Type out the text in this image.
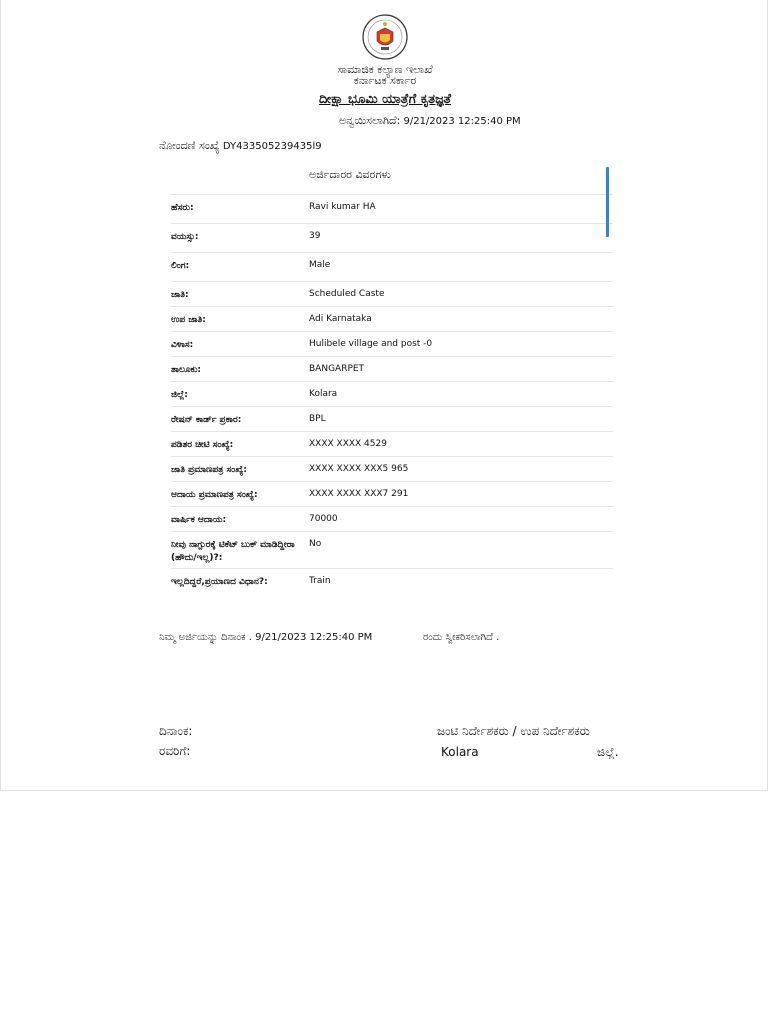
ಸಾಮಾಜಿಕ ಕಲ್ಯಾಣ ಇಲಾಖೆ
ಕರ್ನಾಟಕ ಸರ್ಕಾರ
ದೀಕ್ಷಾ ಭೂಮಿ ಯಾತ್ರೆಗೆ ಕೃತಜ್ಞತೆ
ಅನ್ವಯಿಸಲಾಗಿದೆ: 9/21/2023 12:25:40 PM
ನೋಂದಣಿ ಸಂಖ್ಯೆ DY433505239435l9
ಅರ್ಜಿದಾರರ ವಿವರಗಳು
ಹೆಸರು:	Ravi kumar HA
ವಯಸ್ಸು:	39
ಲಿಂಗ:	Male
ಜಾತಿ:	Scheduled Caste
ಉಪ ಜಾತಿ:	Adi Karnataka
ವಿಳಾಸ:	Hulibele village and post -0
ತಾಲೂಕು:	BANGARPET
ಜಿಲ್ಲೆ:	Kolara
ರೇಷನ್ ಕಾರ್ಡ್ ಪ್ರಕಾರ:	BPL
ಪಡಿತರ ಚೀಟಿ ಸಂಖ್ಯೆ:	XXXX XXXX 4529
ಜಾತಿ ಪ್ರಮಾಣಪತ್ರ ಸಂಖ್ಯೆ:	XXXX XXXX XXX5 965
ಆದಾಯ ಪ್ರಮಾಣಪತ್ರ ಸಂಖ್ಯೆ:	XXXX XXXX XXX7 291
ವಾರ್ಷಿಕ ಆದಾಯ:	70000
ನೀವು ನಾಗ್ಪುರಕ್ಕೆ ಟಿಕೆಟ್ ಬುಕ್ ಮಾಡಿದ್ದೀರಾ (ಹೌದು/ಇಲ್ಲ)?:
No
ಇಲ್ಲದಿದ್ದರೆ,ಪ್ರಯಾಣದ ವಿಧಾನ?:	Train
ನಿಮ್ಮ ಅರ್ಜಿಯನ್ನು ದಿನಾಂಕ . 9/21/2023 12:25:40 PM	ರಂದು ಸ್ವೀಕರಿಸಲಾಗಿದೆ .
ದಿನಾಂಕ:
ರವರಿಗೆ:
ಜಂಟಿ ನಿರ್ದೇಶಕರು / ಉಪ ನಿರ್ದೇಶಕರು
Kolara	ಜಿಲ್ಲೆ.
